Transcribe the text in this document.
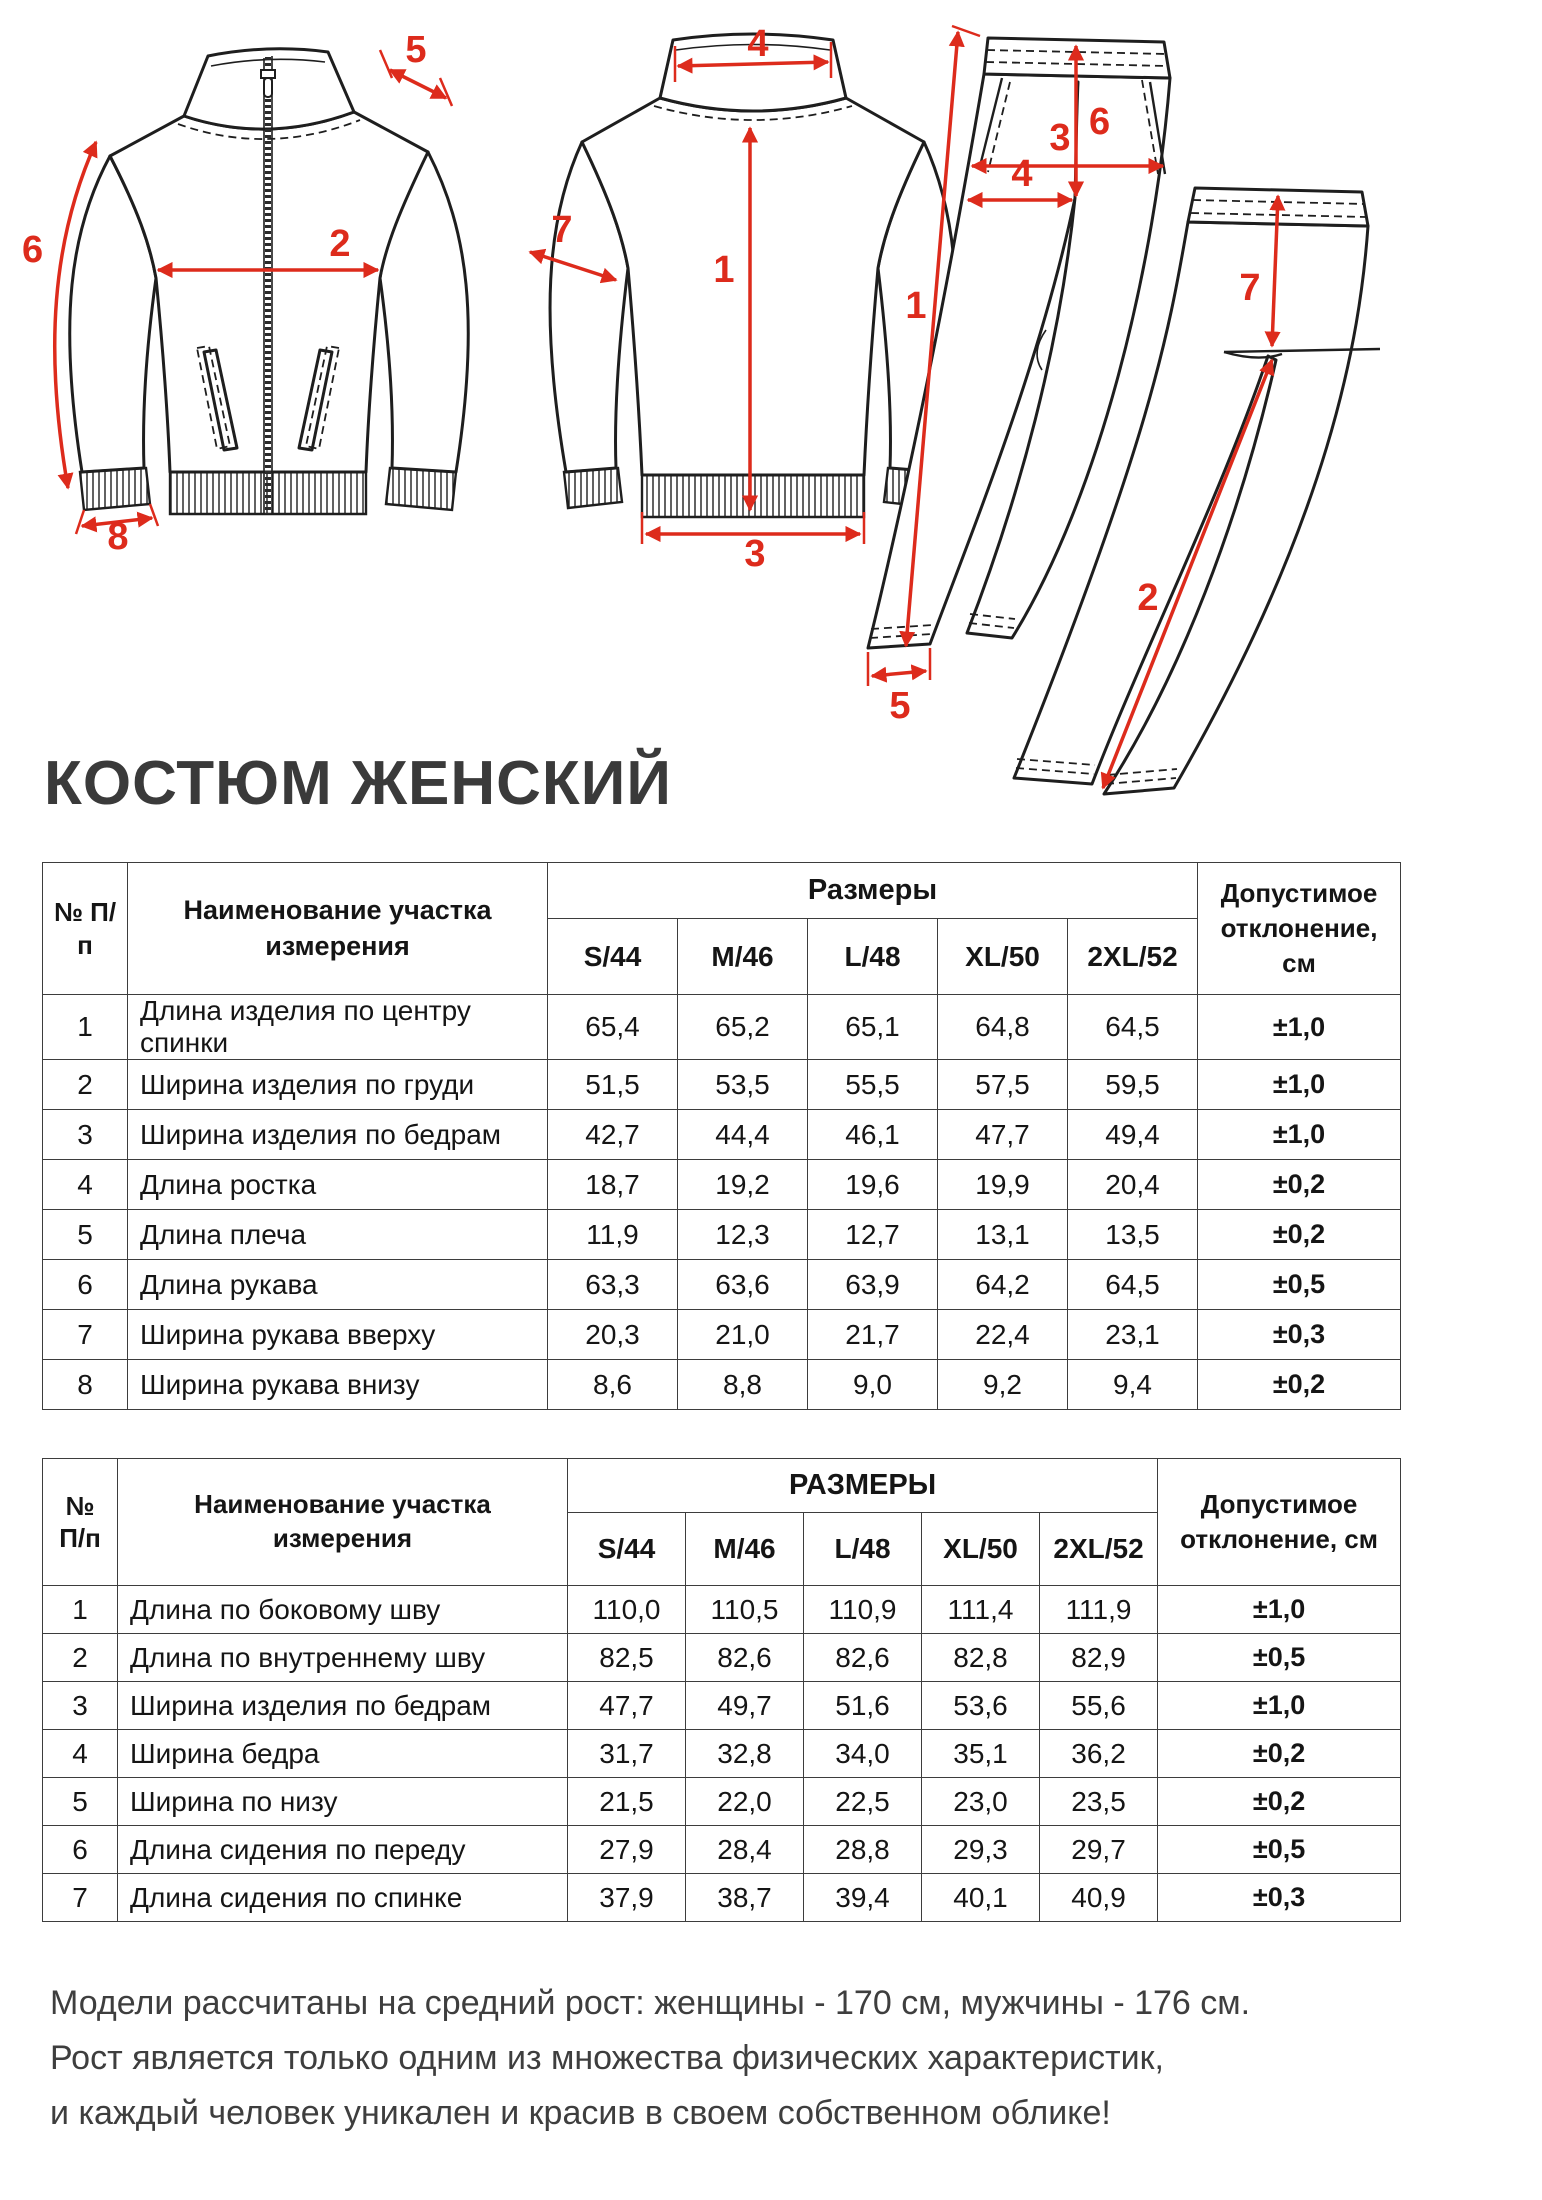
2
5
6
8
4
1
7
3
1
6
3
4
5
7
2
КОСТЮМ ЖЕНСКИЙ
№ П/п	Наименование участка измерения	Размеры					Допустимое отклонение, см
		S/44	M/46	L/48	XL/50	2XL/52	
1	Длина изделия по центру спинки	65,4	65,2	65,1	64,8	64,5	±1,0
2	Ширина изделия по груди	51,5	53,5	55,5	57,5	59,5	±1,0
3	Ширина изделия по бедрам	42,7	44,4	46,1	47,7	49,4	±1,0
4	Длина ростка	18,7	19,2	19,6	19,9	20,4	±0,2
5	Длина плеча	11,9	12,3	12,7	13,1	13,5	±0,2
6	Длина рукава	63,3	63,6	63,9	64,2	64,5	±0,5
7	Ширина рукава вверху	20,3	21,0	21,7	22,4	23,1	±0,3
8	Ширина рукава внизу	8,6	8,8	9,0	9,2	9,4	±0,2
№ П/п	Наименование участка измерения	РАЗМЕРЫ					Допустимое отклонение, см
		S/44	M/46	L/48	XL/50	2XL/52	
1	Длина по боковому шву	110,0	110,5	110,9	111,4	111,9	±1,0
2	Длина по внутреннему шву	82,5	82,6	82,6	82,8	82,9	±0,5
3	Ширина изделия по бедрам	47,7	49,7	51,6	53,6	55,6	±1,0
4	Ширина бедра	31,7	32,8	34,0	35,1	36,2	±0,2
5	Ширина по низу	21,5	22,0	22,5	23,0	23,5	±0,2
6	Длина сидения по переду	27,9	28,4	28,8	29,3	29,7	±0,5
7	Длина сидения по спинке	37,9	38,7	39,4	40,1	40,9	±0,3
Модели рассчитаны на средний рост: женщины - 170 см, мужчины - 176 см.
Рост является только одним из множества физических характеристик,
и каждый человек уникален и красив в своем собственном облике!
